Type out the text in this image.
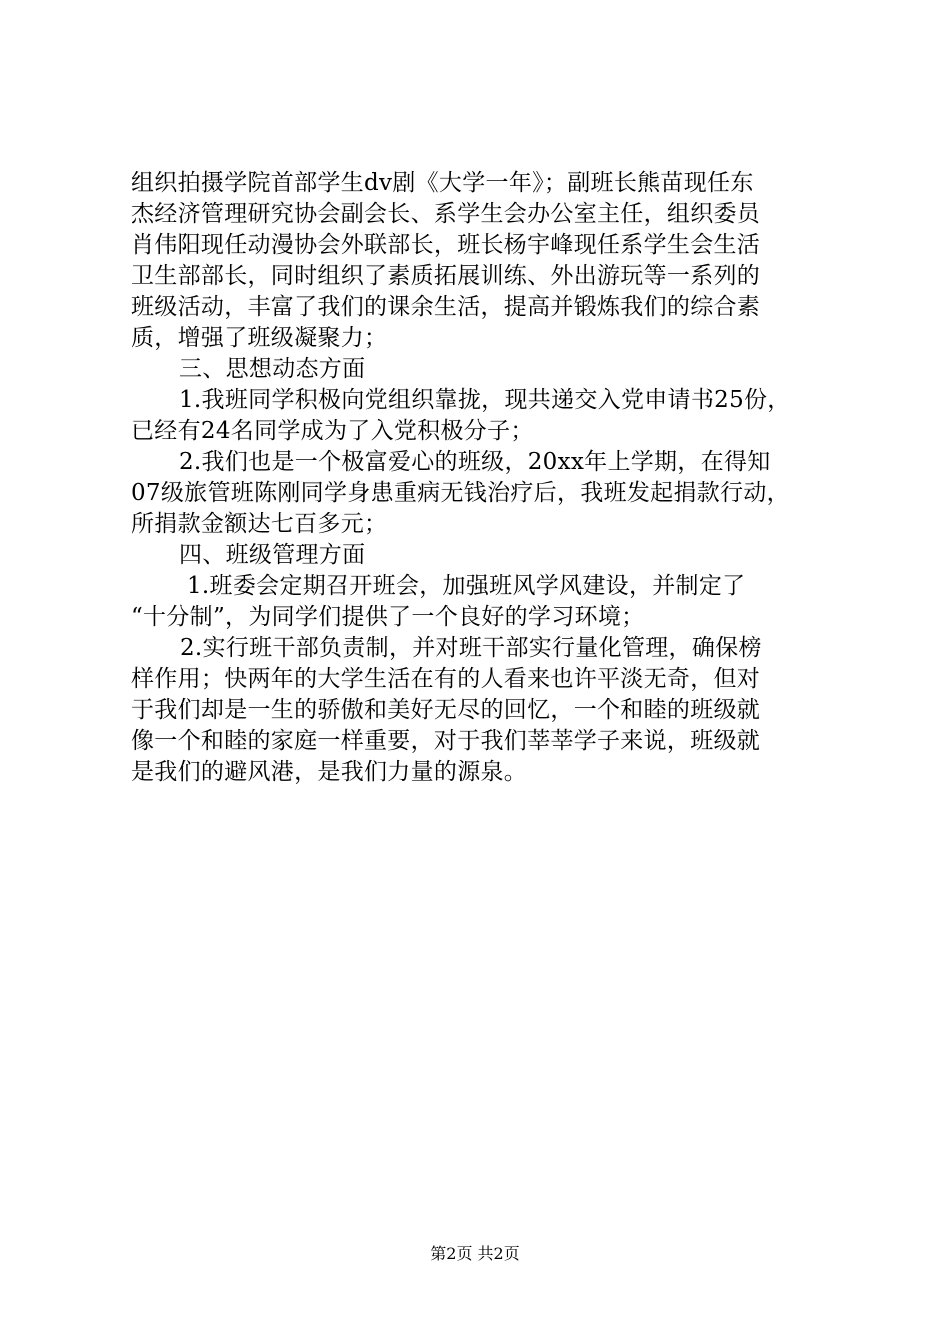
组织拍摄学院首部学生dv剧《大学一年》；副班长熊苗现任东
杰经济管理研究协会副会长、系学生会办公室主任，组织委员
肖伟阳现任动漫协会外联部长，班长杨宇峰现任系学生会生活
卫生部部长，同时组织了素质拓展训练、外出游玩等一系列的
班级活动，丰富了我们的课余生活，提高并锻炼我们的综合素
质，增强了班级凝聚力；
三、思想动态方面
1.我班同学积极向党组织靠拢，现共递交入党申请书25份，
已经有24名同学成为了入党积极分子；
2.我们也是一个极富爱心的班级，20xx年上学期，在得知
07级旅管班陈刚同学身患重病无钱治疗后，我班发起捐款行动，
所捐款金额达七百多元；
四、班级管理方面
1.班委会定期召开班会，加强班风学风建设，并制定了
“十分制”，为同学们提供了一个良好的学习环境；
2.实行班干部负责制，并对班干部实行量化管理，确保榜
样作用；快两年的大学生活在有的人看来也许平淡无奇，但对
于我们却是一生的骄傲和美好无尽的回忆，一个和睦的班级就
像一个和睦的家庭一样重要，对于我们莘莘学子来说，班级就
是我们的避风港，是我们力量的源泉。
第2页 共2页
